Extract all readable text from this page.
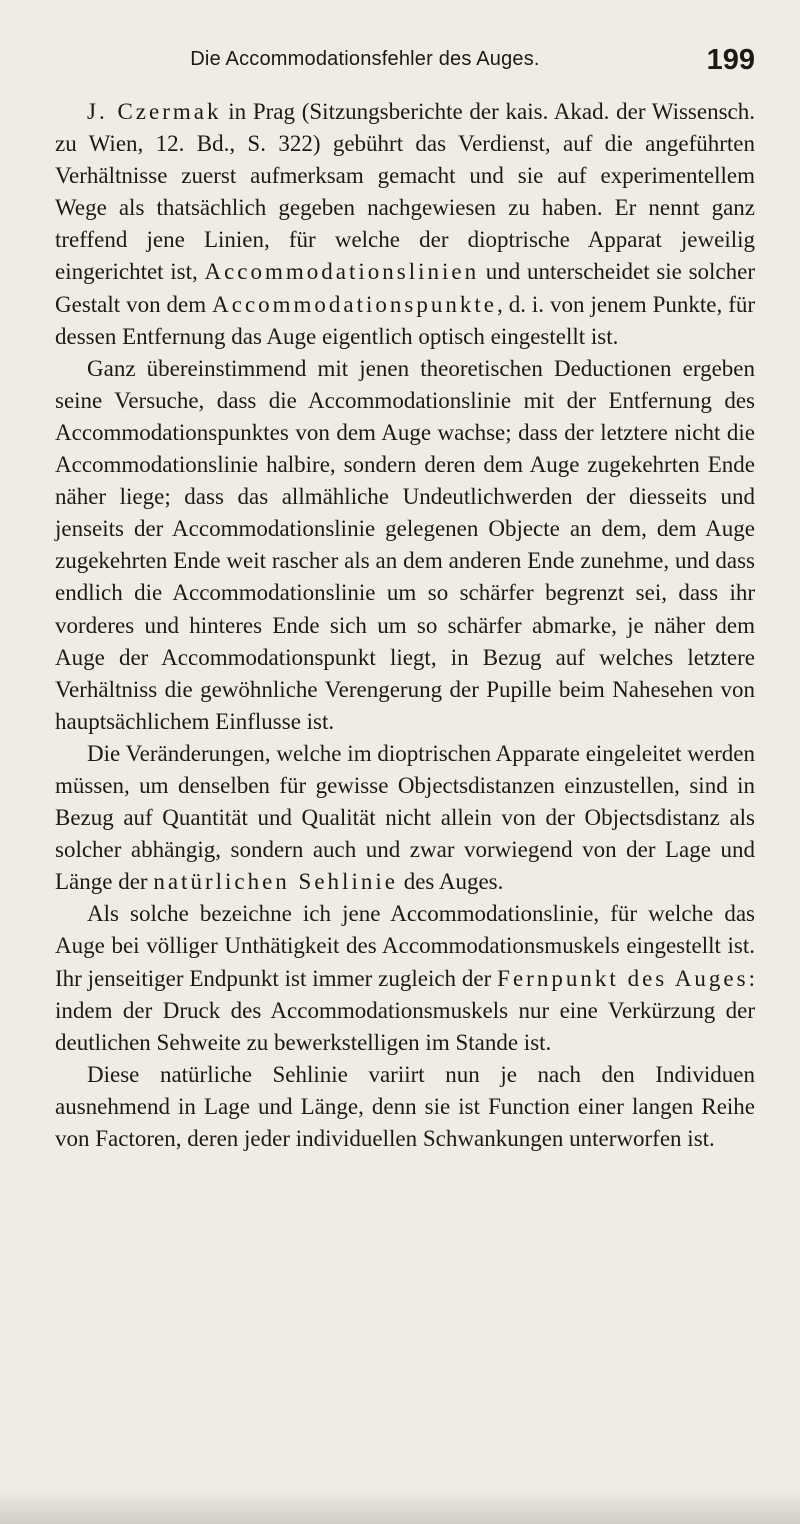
Die Accommodationsfehler des Auges.	199

J. Czermak in Prag (Sitzungsberichte der kais. Akad. der Wissensch. zu Wien, 12. Bd., S. 322) gebührt das Verdienst, auf die angeführten Verhältnisse zuerst aufmerksam gemacht und sie auf experimentellem Wege als thatsächlich gegeben nachgewiesen zu haben. Er nennt ganz treffend jene Linien, für welche der dioptrische Apparat jeweilig eingerichtet ist, Accommodationslinien und unterscheidet sie solcher Gestalt von dem Accommodationspunkte, d. i. von jenem Punkte, für dessen Entfernung das Auge eigentlich optisch eingestellt ist.

Ganz übereinstimmend mit jenen theoretischen Deductionen ergeben seine Versuche, dass die Accommodationslinie mit der Entfernung des Accommodationspunktes von dem Auge wachse; dass der letztere nicht die Accommodationslinie halbire, sondern deren dem Auge zugekehrten Ende näher liege; dass das allmähliche Undeutlichwerden der diesseits und jenseits der Accommodationslinie gelegenen Objecte an dem, dem Auge zugekehrten Ende weit rascher als an dem anderen Ende zunehme, und dass endlich die Accommodationslinie um so schärfer begrenzt sei, dass ihr vorderes und hinteres Ende sich um so schärfer abmarke, je näher dem Auge der Accommodationspunkt liegt, in Bezug auf welches letztere Verhältniss die gewöhnliche Verengerung der Pupille beim Nahesehen von hauptsächlichem Einflusse ist.

Die Veränderungen, welche im dioptrischen Apparate eingeleitet werden müssen, um denselben für gewisse Objectsdistanzen einzustellen, sind in Bezug auf Quantität und Qualität nicht allein von der Objectsdistanz als solcher abhängig, sondern auch und zwar vorwiegend von der Lage und Länge der natürlichen Sehlinie des Auges.

Als solche bezeichne ich jene Accommodationslinie, für welche das Auge bei völliger Unthätigkeit des Accommodationsmuskels eingestellt ist. Ihr jenseitiger Endpunkt ist immer zugleich der Fernpunkt des Auges: indem der Druck des Accommodationsmuskels nur eine Verkürzung der deutlichen Sehweite zu bewerkstelligen im Stande ist.

Diese natürliche Sehlinie variirt nun je nach den Individuen ausnehmend in Lage und Länge, denn sie ist Function einer langen Reihe von Factoren, deren jeder individuellen Schwankungen unterworfen ist.
